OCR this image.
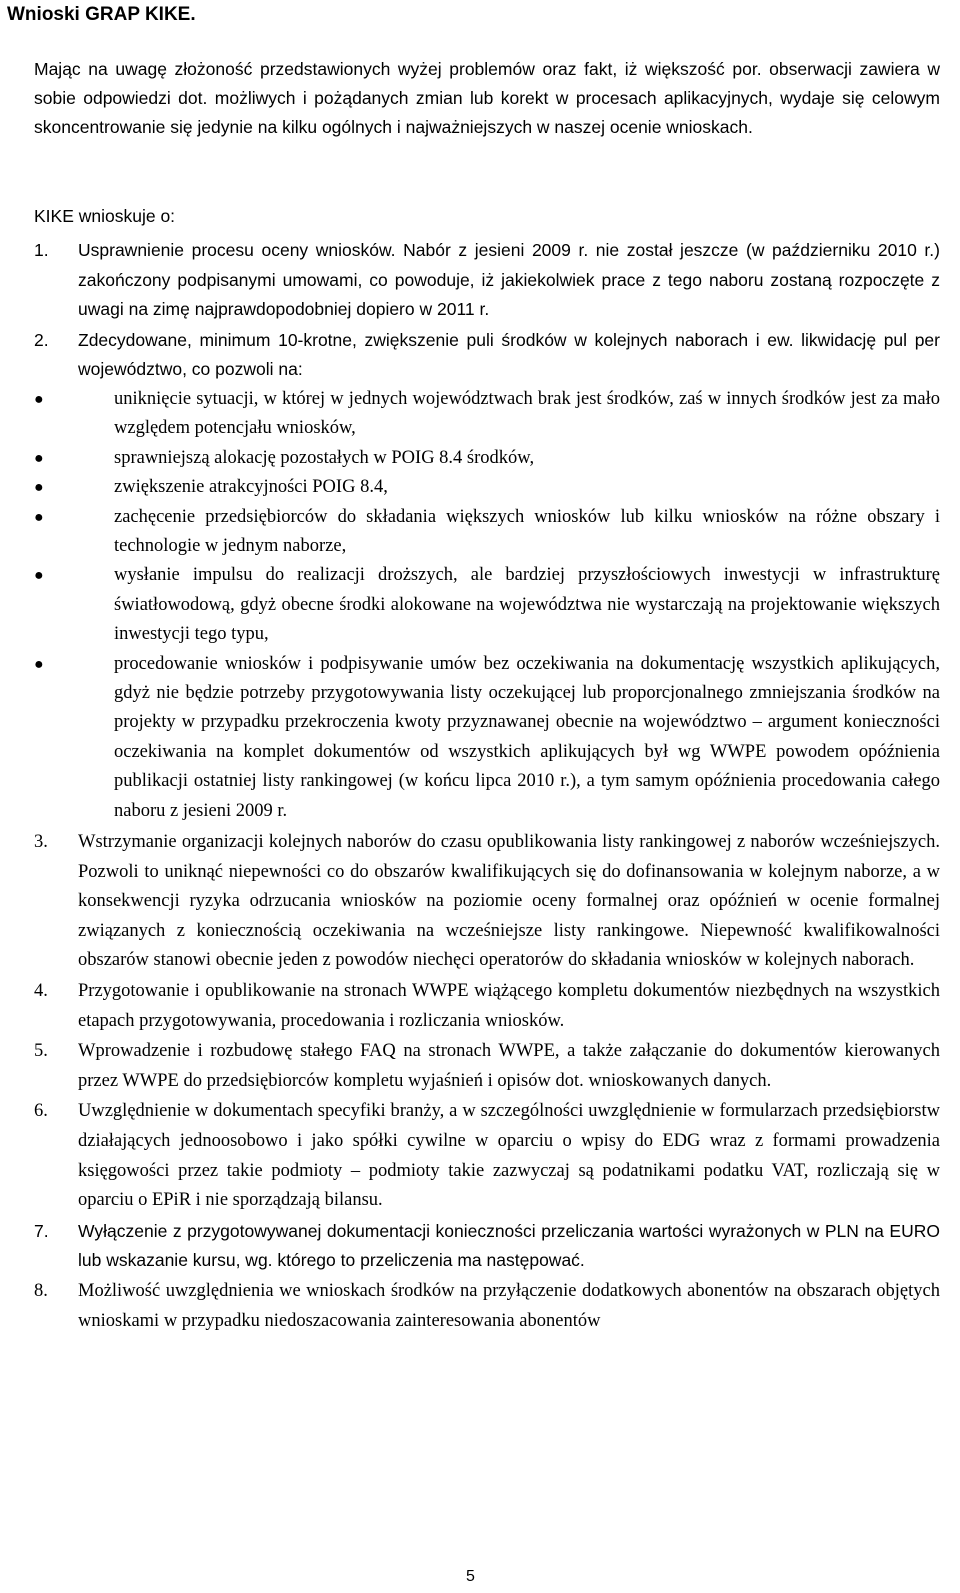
Wnioski GRAP KIKE.

Mając na uwagę złożoność przedstawionych wyżej problemów oraz fakt, iż większość por. obserwacji zawiera w sobie odpowiedzi dot. możliwych i pożądanych zmian lub korekt w procesach aplikacyjnych, wydaje się celowym skoncentrowanie się jedynie na kilku ogólnych i najważniejszych w naszej ocenie wnioskach.

KIKE wnioskuje o:
1. Usprawnienie procesu oceny wniosków. Nabór z jesieni 2009 r. nie został jeszcze (w październiku 2010 r.) zakończony podpisanymi umowami, co powoduje, iż jakiekolwiek prace z tego naboru zostaną rozpoczęte z uwagi na zimę najprawdopodobniej dopiero w 2011 r.
2. Zdecydowane, minimum 10-krotne, zwiększenie puli środków w kolejnych naborach i ew. likwidację pul per województwo, co pozwoli na:
●	uniknięcie sytuacji, w której w jednych województwach brak jest środków, zaś w innych środków jest za mało względem potencjału wniosków,
●	sprawniejszą alokację pozostałych w POIG 8.4 środków,
●	zwiększenie atrakcyjności POIG 8.4,
●	zachęcenie przedsiębiorców do składania większych wniosków lub kilku wniosków na różne obszary i technologie w jednym naborze,
●	wysłanie impulsu do realizacji droższych, ale bardziej przyszłościowych inwestycji w infrastrukturę światłowodową, gdyż obecne środki alokowane na województwa nie wystarczają na projektowanie większych inwestycji tego typu,
●	procedowanie wniosków i podpisywanie umów bez oczekiwania na dokumentację wszystkich aplikujących, gdyż nie będzie potrzeby przygotowywania listy oczekującej lub proporcjonalnego zmniejszania środków na projekty w przypadku przekroczenia kwoty przyznawanej obecnie na województwo – argument konieczności oczekiwania na komplet dokumentów od wszystkich aplikujących był wg WWPE powodem opóźnienia publikacji ostatniej listy rankingowej (w końcu lipca 2010 r.), a tym samym opóźnienia procedowania całego naboru z jesieni 2009 r.
3. Wstrzymanie organizacji kolejnych naborów do czasu opublikowania listy rankingowej z naborów wcześniejszych. Pozwoli to uniknąć niepewności co do obszarów kwalifikujących się do dofinansowania w kolejnym naborze, a w konsekwencji ryzyka odrzucania wniosków na poziomie oceny formalnej oraz opóźnień w ocenie formalnej związanych z koniecznością oczekiwania na wcześniejsze listy rankingowe. Niepewność kwalifikowalności obszarów stanowi obecnie jeden z powodów niechęci operatorów do składania wniosków w kolejnych naborach.
4. Przygotowanie i opublikowanie na stronach WWPE wiążącego kompletu dokumentów niezbędnych na wszystkich etapach przygotowywania, procedowania i rozliczania wniosków.
5. Wprowadzenie i rozbudowę stałego FAQ na stronach WWPE, a także załączanie do dokumentów kierowanych przez WWPE do przedsiębiorców kompletu wyjaśnień i opisów dot. wnioskowanych danych.
6. Uwzględnienie w dokumentach specyfiki branży, a w szczególności uwzględnienie w formularzach przedsiębiorstw działających jednoosobowo i jako spółki cywilne w oparciu o wpisy do EDG wraz z formami prowadzenia księgowości przez takie podmioty – podmioty takie zazwyczaj są podatnikami podatku VAT, rozliczają się w oparciu o EPiR i nie sporządzają bilansu.
7. Wyłączenie z przygotowywanej dokumentacji konieczności przeliczania wartości wyrażonych w PLN na EURO lub wskazanie kursu, wg. którego to przeliczenia ma następować.
8. Możliwość uwzględnienia we wnioskach środków na przyłączenie dodatkowych abonentów na obszarach objętych wnioskami w przypadku niedoszacowania zainteresowania abonentów
5
